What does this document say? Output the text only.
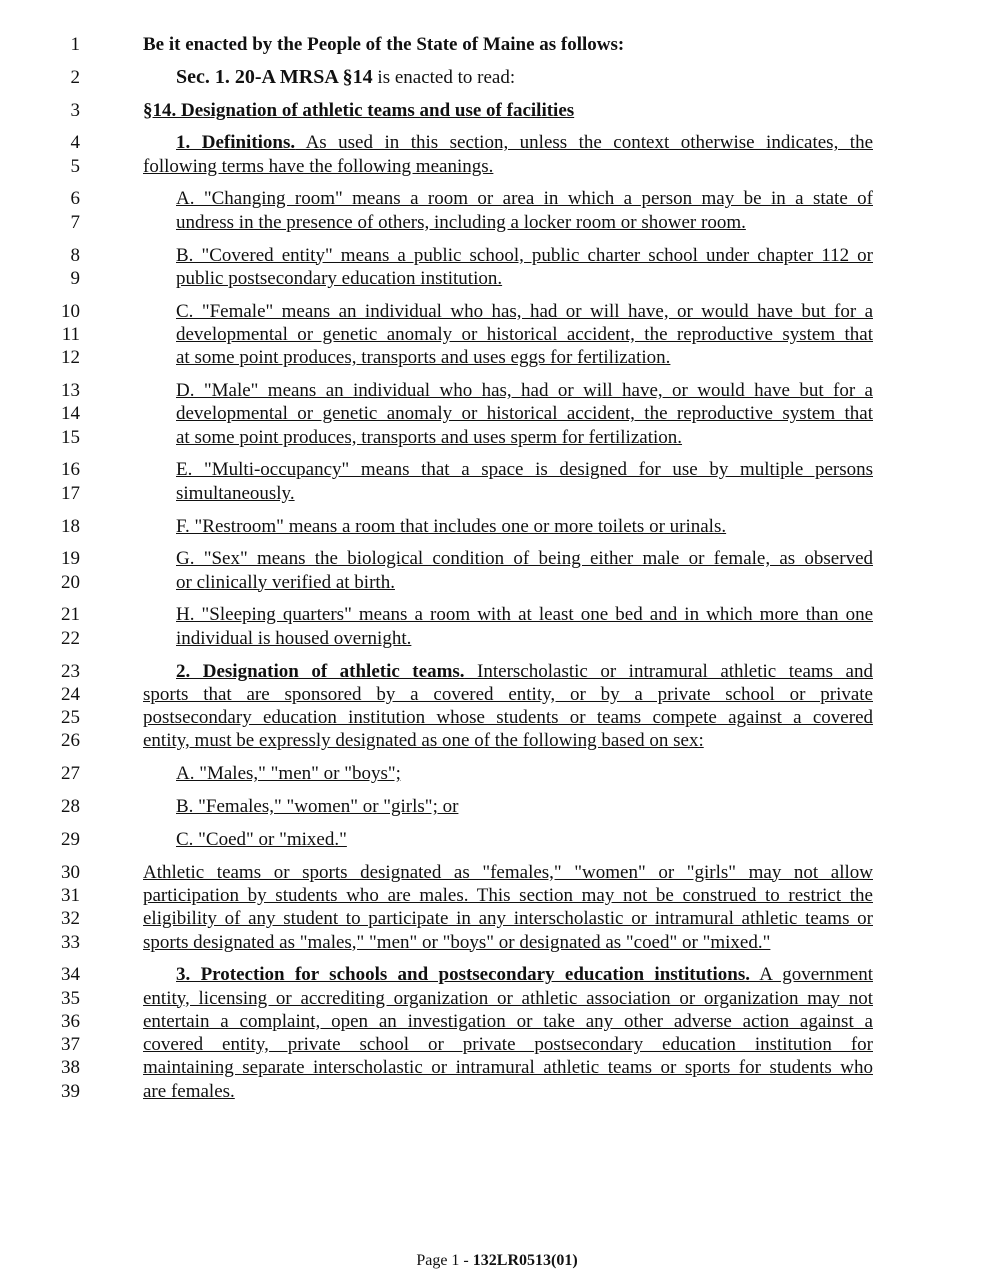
1	Be it enacted by the People of the State of Maine as follows:
2	Sec. 1. 20-A MRSA §14 is enacted to read:
3	§14. Designation of athletic teams and use of facilities
4	1. Definitions. As used in this section, unless the context otherwise indicates, the
5	following terms have the following meanings.
6	A. "Changing room" means a room or area in which a person may be in a state of
7	undress in the presence of others, including a locker room or shower room.
8	B. "Covered entity" means a public school, public charter school under chapter 112 or
9	public postsecondary education institution.
10	C. "Female" means an individual who has, had or will have, or would have but for a
11	developmental or genetic anomaly or historical accident, the reproductive system that
12	at some point produces, transports and uses eggs for fertilization.
13	D. "Male" means an individual who has, had or will have, or would have but for a
14	developmental or genetic anomaly or historical accident, the reproductive system that
15	at some point produces, transports and uses sperm for fertilization.
16	E. "Multi-occupancy" means that a space is designed for use by multiple persons
17	simultaneously.
18	F. "Restroom" means a room that includes one or more toilets or urinals.
19	G. "Sex" means the biological condition of being either male or female, as observed
20	or clinically verified at birth.
21	H. "Sleeping quarters" means a room with at least one bed and in which more than one
22	individual is housed overnight.
23	2. Designation of athletic teams. Interscholastic or intramural athletic teams and
24	sports that are sponsored by a covered entity, or by a private school or private
25	postsecondary education institution whose students or teams compete against a covered
26	entity, must be expressly designated as one of the following based on sex:
27	A. "Males," "men" or "boys";
28	B. "Females," "women" or "girls"; or
29	C. "Coed" or "mixed."
30	Athletic teams or sports designated as "females," "women" or "girls" may not allow
31	participation by students who are males. This section may not be construed to restrict the
32	eligibility of any student to participate in any interscholastic or intramural athletic teams or
33	sports designated as "males," "men" or "boys" or designated as "coed" or "mixed."
34	3. Protection for schools and postsecondary education institutions. A government
35	entity, licensing or accrediting organization or athletic association or organization may not
36	entertain a complaint, open an investigation or take any other adverse action against a
37	covered entity, private school or private postsecondary education institution for
38	maintaining separate interscholastic or intramural athletic teams or sports for students who
39	are females.
Page 1 - 132LR0513(01)
